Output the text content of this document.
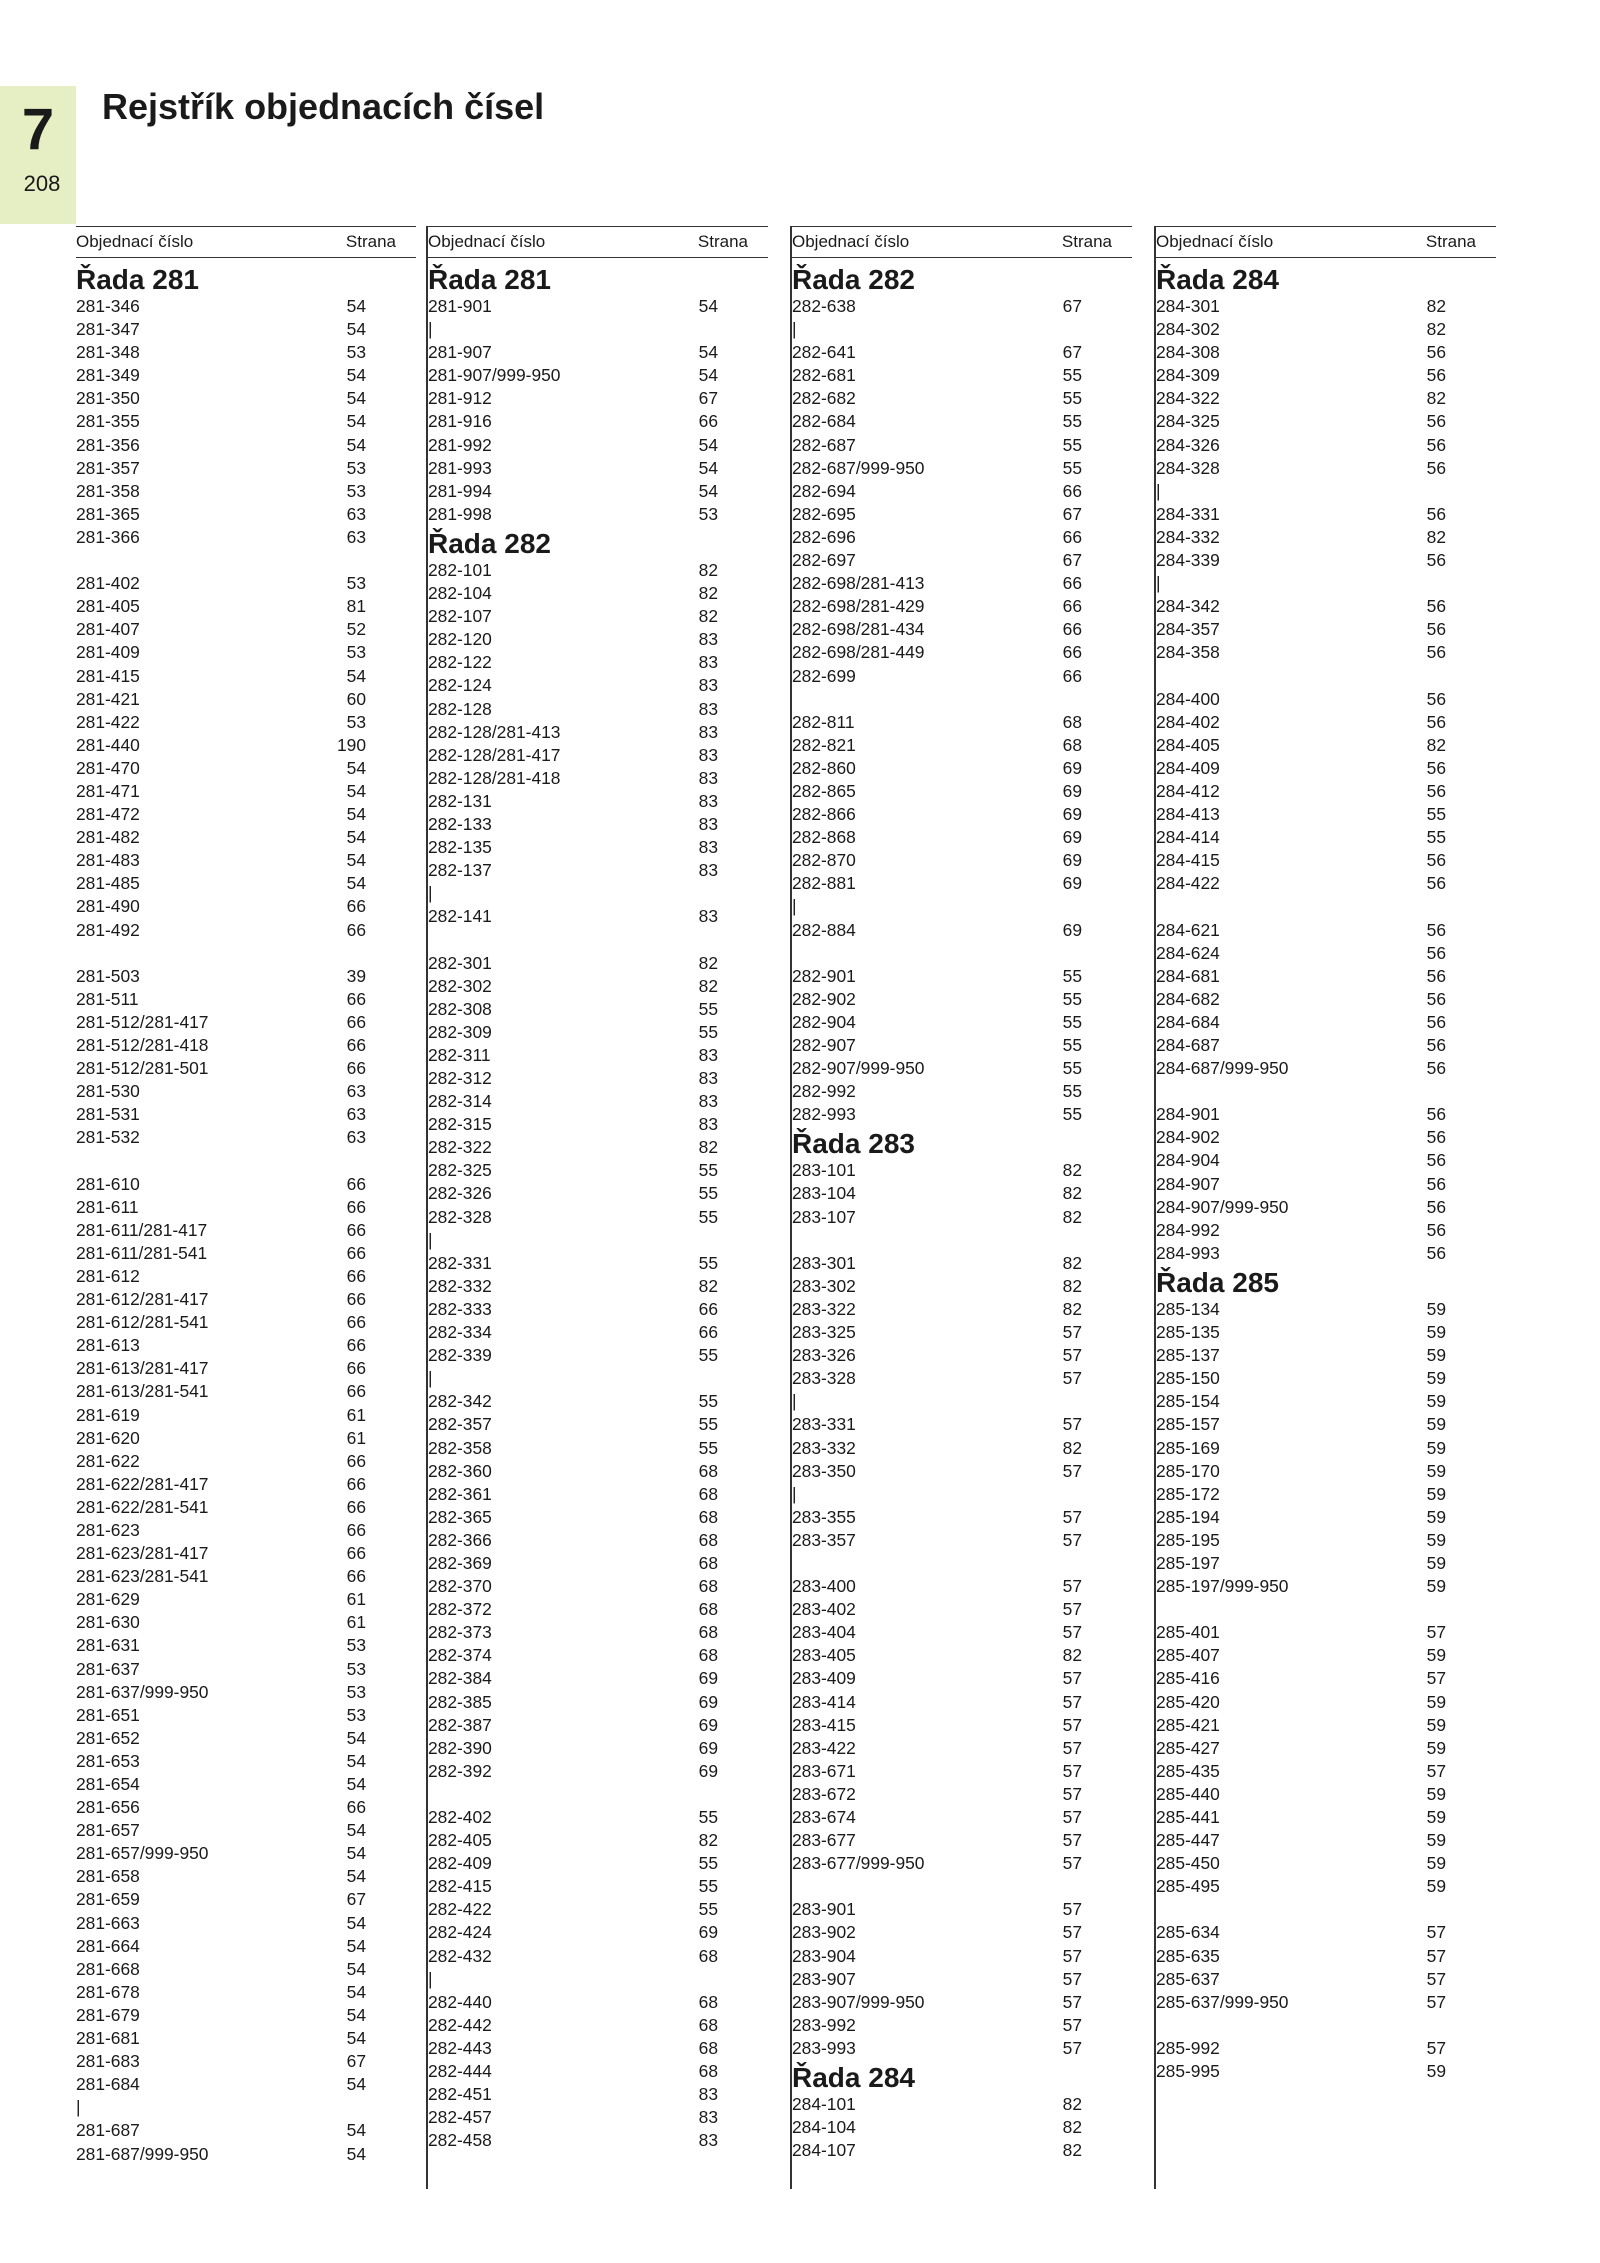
7
208
Rejstřík objednacích čísel
Objednací číslo	Strana
Řada 281
281-346	54
281-347	54
281-348	53
281-349	54
281-350	54
281-355	54
281-356	54
281-357	53
281-358	53
281-365	63
281-366	63
281-402	53
281-405	81
281-407	52
281-409	53
281-415	54
281-421	60
281-422	53
281-440	190
281-470	54
281-471	54
281-472	54
281-482	54
281-483	54
281-485	54
281-490	66
281-492	66
281-503	39
281-511	66
281-512/281-417	66
281-512/281-418	66
281-512/281-501	66
281-530	63
281-531	63
281-532	63
281-610	66
281-611	66
281-611/281-417	66
281-611/281-541	66
281-612	66
281-612/281-417	66
281-612/281-541	66
281-613	66
281-613/281-417	66
281-613/281-541	66
281-619	61
281-620	61
281-622	66
281-622/281-417	66
281-622/281-541	66
281-623	66
281-623/281-417	66
281-623/281-541	66
281-629	61
281-630	61
281-631	53
281-637	53
281-637/999-950	53
281-651	53
281-652	54
281-653	54
281-654	54
281-656	66
281-657	54
281-657/999-950	54
281-658	54
281-659	67
281-663	54
281-664	54
281-668	54
281-678	54
281-679	54
281-681	54
281-683	67
281-684	54
|
281-687	54
281-687/999-950	54
Objednací číslo	Strana
Řada 281
281-901	54
|
281-907	54
281-907/999-950	54
281-912	67
281-916	66
281-992	54
281-993	54
281-994	54
281-998	53
Řada 282
282-101	82
282-104	82
282-107	82
282-120	83
282-122	83
282-124	83
282-128	83
282-128/281-413	83
282-128/281-417	83
282-128/281-418	83
282-131	83
282-133	83
282-135	83
282-137	83
|
282-141	83
282-301	82
282-302	82
282-308	55
282-309	55
282-311	83
282-312	83
282-314	83
282-315	83
282-322	82
282-325	55
282-326	55
282-328	55
|
282-331	55
282-332	82
282-333	66
282-334	66
282-339	55
|
282-342	55
282-357	55
282-358	55
282-360	68
282-361	68
282-365	68
282-366	68
282-369	68
282-370	68
282-372	68
282-373	68
282-374	68
282-384	69
282-385	69
282-387	69
282-390	69
282-392	69
282-402	55
282-405	82
282-409	55
282-415	55
282-422	55
282-424	69
282-432	68
|
282-440	68
282-442	68
282-443	68
282-444	68
282-451	83
282-457	83
282-458	83
Objednací číslo	Strana
Řada 282
282-638	67
|
282-641	67
282-681	55
282-682	55
282-684	55
282-687	55
282-687/999-950	55
282-694	66
282-695	67
282-696	66
282-697	67
282-698/281-413	66
282-698/281-429	66
282-698/281-434	66
282-698/281-449	66
282-699	66
282-811	68
282-821	68
282-860	69
282-865	69
282-866	69
282-868	69
282-870	69
282-881	69
|
282-884	69
282-901	55
282-902	55
282-904	55
282-907	55
282-907/999-950	55
282-992	55
282-993	55
Řada 283
283-101	82
283-104	82
283-107	82
283-301	82
283-302	82
283-322	82
283-325	57
283-326	57
283-328	57
|
283-331	57
283-332	82
283-350	57
|
283-355	57
283-357	57
283-400	57
283-402	57
283-404	57
283-405	82
283-409	57
283-414	57
283-415	57
283-422	57
283-671	57
283-672	57
283-674	57
283-677	57
283-677/999-950	57
283-901	57
283-902	57
283-904	57
283-907	57
283-907/999-950	57
283-992	57
283-993	57
Řada 284
284-101	82
284-104	82
284-107	82
Objednací číslo	Strana
Řada 284
284-301	82
284-302	82
284-308	56
284-309	56
284-322	82
284-325	56
284-326	56
284-328	56
|
284-331	56
284-332	82
284-339	56
|
284-342	56
284-357	56
284-358	56
284-400	56
284-402	56
284-405	82
284-409	56
284-412	56
284-413	55
284-414	55
284-415	56
284-422	56
284-621	56
284-624	56
284-681	56
284-682	56
284-684	56
284-687	56
284-687/999-950	56
284-901	56
284-902	56
284-904	56
284-907	56
284-907/999-950	56
284-992	56
284-993	56
Řada 285
285-134	59
285-135	59
285-137	59
285-150	59
285-154	59
285-157	59
285-169	59
285-170	59
285-172	59
285-194	59
285-195	59
285-197	59
285-197/999-950	59
285-401	57
285-407	59
285-416	57
285-420	59
285-421	59
285-427	59
285-435	57
285-440	59
285-441	59
285-447	59
285-450	59
285-495	59
285-634	57
285-635	57
285-637	57
285-637/999-950	57
285-992	57
285-995	59
